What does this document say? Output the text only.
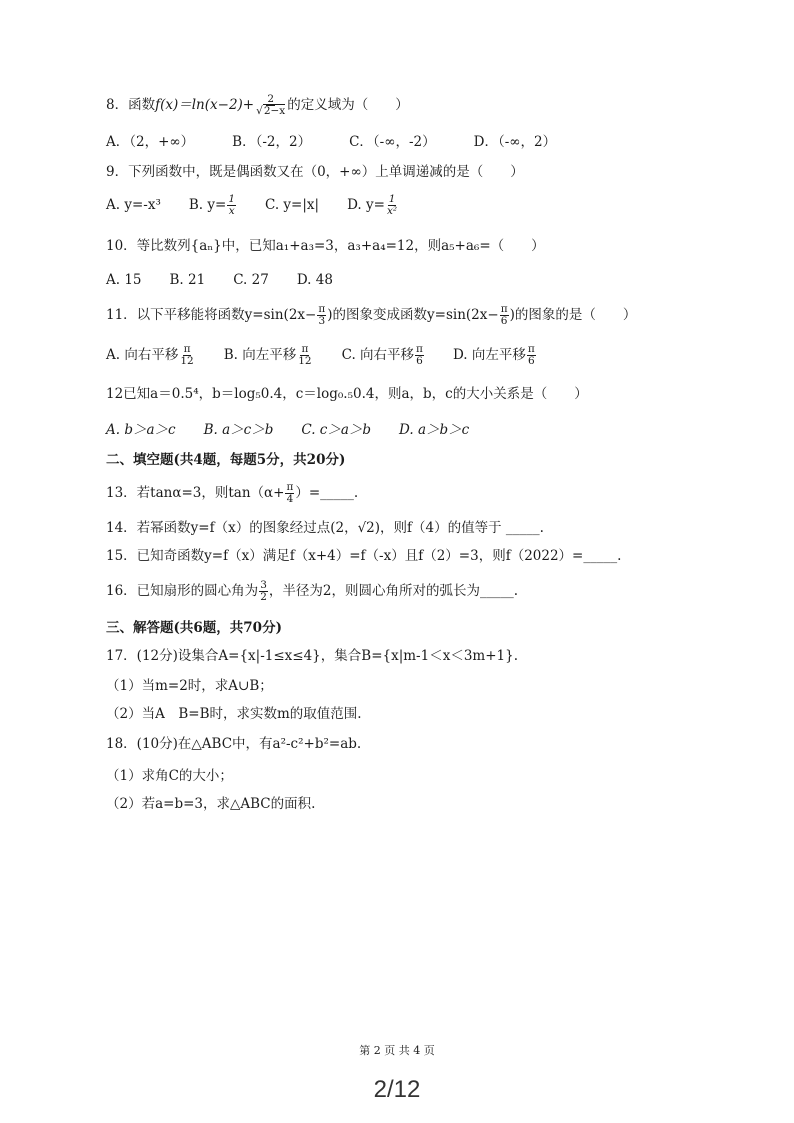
8．函数$f(x)=\ln(x-2)+ \frac{2}{√2-x}$ 的定义域为（　　）
A．（2，+∞）	B．（-2，2）	C．（-∞，-2）	D．（-∞，2）
9．下列函数中，既是偶函数又在（0，+∞）上单调递减的是（　　）
A. y=-x³ B. $y= \frac{1}{x} C$. y=|x| D. $y= \frac{1}{\text{x²}}$
10．等比数列{aₙ}中，已知a₁+a₃=3，a₃+a₄=12，则a₅+a₆=（　　）
A. 15 B. 21 C. 27 D. 48
11．以下平移能将函数$y=\sin(2x- \frac{\pi}{3}$ )的图象变成函数$y=\sin(2x- \frac{\pi}{6}$ )的图象的是（　　）
A. 向右平移 $\frac{\pi}{12} B$. 向左平移 $\frac{\pi}{12} C$. 向右平移 $\frac{\pi}{6} D$. 向左平移 $\frac{\pi}{6}$
12已知a＝0.5⁴，b＝log₅0.4，c＝log₀.₅0.4，则a，b，c的大小关系是（　　）
A. b＞a＞c B. a＞c＞b C. c＞a＞b D. a＞b＞c
二、填空题(共4题，每题5分，共20分)
13．若tanα=3，则$\tan(\alpha+ \frac{\pi}{4}$ ）=_____.
14．若幂函数y=f（x）的图象经过点(2，√2)，则f（4）的值等于 _____.
15．已知奇函数y=f（x）满足f（x+4）=f（-x）且f（2）=3，则f（2022）=_____.
16．已知扇形的圆心角为 $\frac{3}{2}$ ，半径为2，则圆心角所对的弧长为_____.
三、解答题(共6题，共70分)
17．(12分)设集合A={x|-1≤x≤4}，集合B={x|m-1＜x＜3m+1}.
（1）当m=2时，求A∪B；
（2）当A　B=B时，求实数m的取值范围.
18．(10分)在△ABC中，有a²-c²+b²=ab.
（1）求角C的大小；
（2）若a=b=3，求△ABC的面积.
第 2 页 共 4 页
2/12
